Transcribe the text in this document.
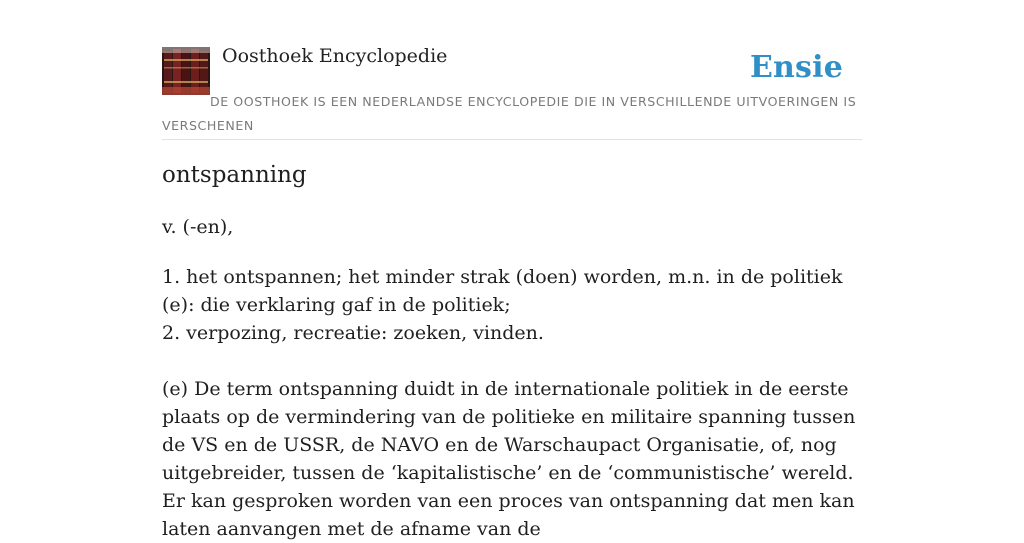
Oosthoek Encyclopedie	Ensie
DE OOSTHOEK IS EEN NEDERLANDSE ENCYCLOPEDIE DIE IN VERSCHILLENDE UITVOERINGEN IS VERSCHENEN
ontspanning
v. (-en),
1. het ontspannen; het minder strak (doen) worden, m.n. in de politiek (e): die verklaring gaf in de politiek;
2. verpozing, recreatie: zoeken, vinden.
(e) De term ontspanning duidt in de internationale politiek in de eerste plaats op de vermindering van de politieke en militaire spanning tussen de VS en de USSR, de NAVO en de Warschaupact Organisatie, of, nog uitgebreider, tussen de ‘kapitalistische’ en de ‘communistische’ wereld. Er kan gesproken worden van een proces van ontspanning dat men kan laten aanvangen met de afname van de
